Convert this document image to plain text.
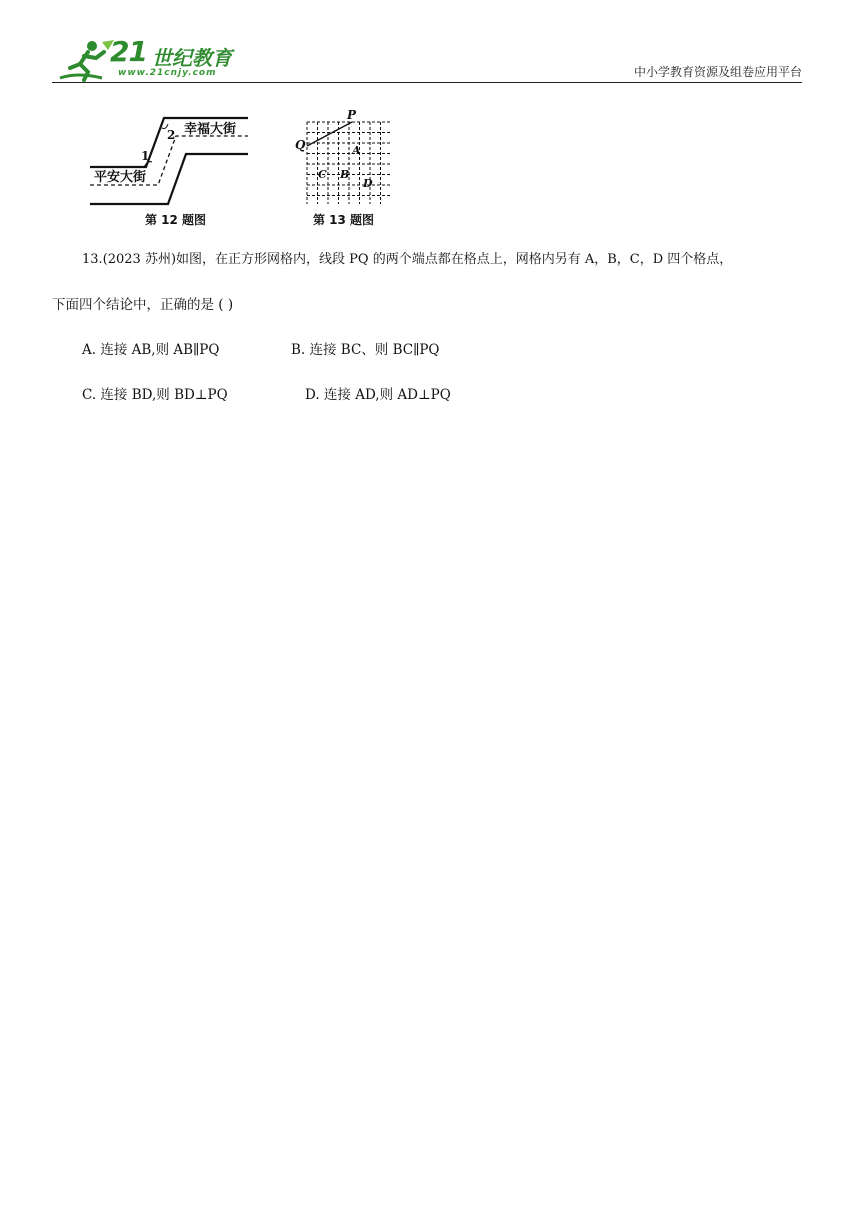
21 世纪教育
www.21cnjy.com	中小学教育资源及组卷应用平台
1
2 幸福大街
平安大街
第 12 题图
P
Q	A
B
C
D
第 13 题图
13.(2023 苏州)如图，在正方形网格内，线段 PQ 的两个端点都在格点上，网格内另有 A，B，C，D 四个格点，
下面四个结论中，正确的是 ( )
A. 连接 AB,则 AB∥PQ	B. 连接 BC、则 BC∥PQ
C. 连接 BD,则 BD⊥PQ	D. 连接 AD,则 AD⊥PQ
